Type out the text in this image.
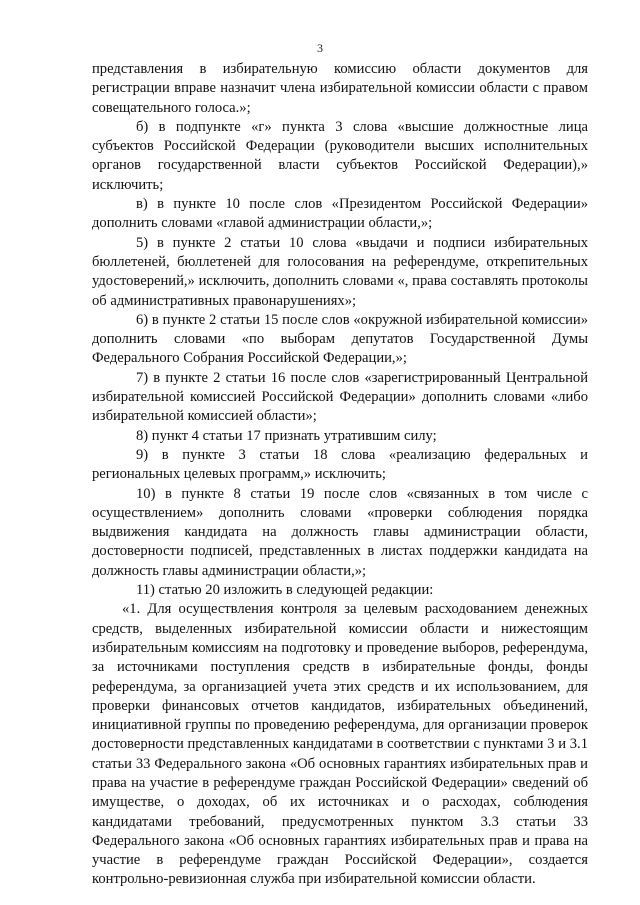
3

представления в избирательную комиссию области документов для регистрации вправе назначит члена избирательной комиссии области с правом совещательного голоса.»;

б) в подпункте «г» пункта 3 слова «высшие должностные лица субъектов Российской Федерации (руководители высших исполнительных органов государственной власти субъектов Российской Федерации),» исключить;

в) в пункте 10 после слов «Президентом Российской Федерации» дополнить словами «главой администрации области,»;

5) в пункте 2 статьи 10 слова «выдачи и подписи избирательных бюллетеней, бюллетеней для голосования на референдуме, открепительных удостоверений,» исключить, дополнить словами «, права составлять протоколы об административных правонарушениях»;

6) в пункте 2 статьи 15 после слов «окружной избирательной комиссии» дополнить словами «по выборам депутатов Государственной Думы Федерального Собрания Российской Федерации,»;

7) в пункте 2 статьи 16 после слов «зарегистрированный Центральной избирательной комиссией Российской Федерации» дополнить словами «либо избирательной комиссией области»;

8) пункт 4 статьи 17 признать утратившим силу;

9) в пункте 3 статьи 18 слова «реализацию федеральных и региональных целевых программ,» исключить;

10) в пункте 8 статьи 19 после слов «связанных в том числе с осуществлением» дополнить словами «проверки соблюдения порядка выдвижения кандидата на должность главы администрации области, достоверности подписей, представленных в листах поддержки кандидата на должность главы администрации области,»;

11) статью 20 изложить в следующей редакции:

«1. Для осуществления контроля за целевым расходованием денежных средств, выделенных избирательной комиссии области и нижестоящим избирательным комиссиям на подготовку и проведение выборов, референдума, за источниками поступления средств в избирательные фонды, фонды референдума, за организацией учета этих средств и их использованием, для проверки финансовых отчетов кандидатов, избирательных объединений, инициативной группы по проведению референдума, для организации проверок достоверности представленных кандидатами в соответствии с пунктами 3 и 3.1 статьи 33 Федерального закона «Об основных гарантиях избирательных прав и права на участие в референдуме граждан Российской Федерации» сведений об имуществе, о доходах, об их источниках и о расходах, соблюдения кандидатами требований, предусмотренных пунктом 3.3 статьи 33 Федерального закона «Об основных гарантиях избирательных прав и права на участие в референдуме граждан Российской Федерации», создается контрольно-ревизионная служба при избирательной комиссии области.
